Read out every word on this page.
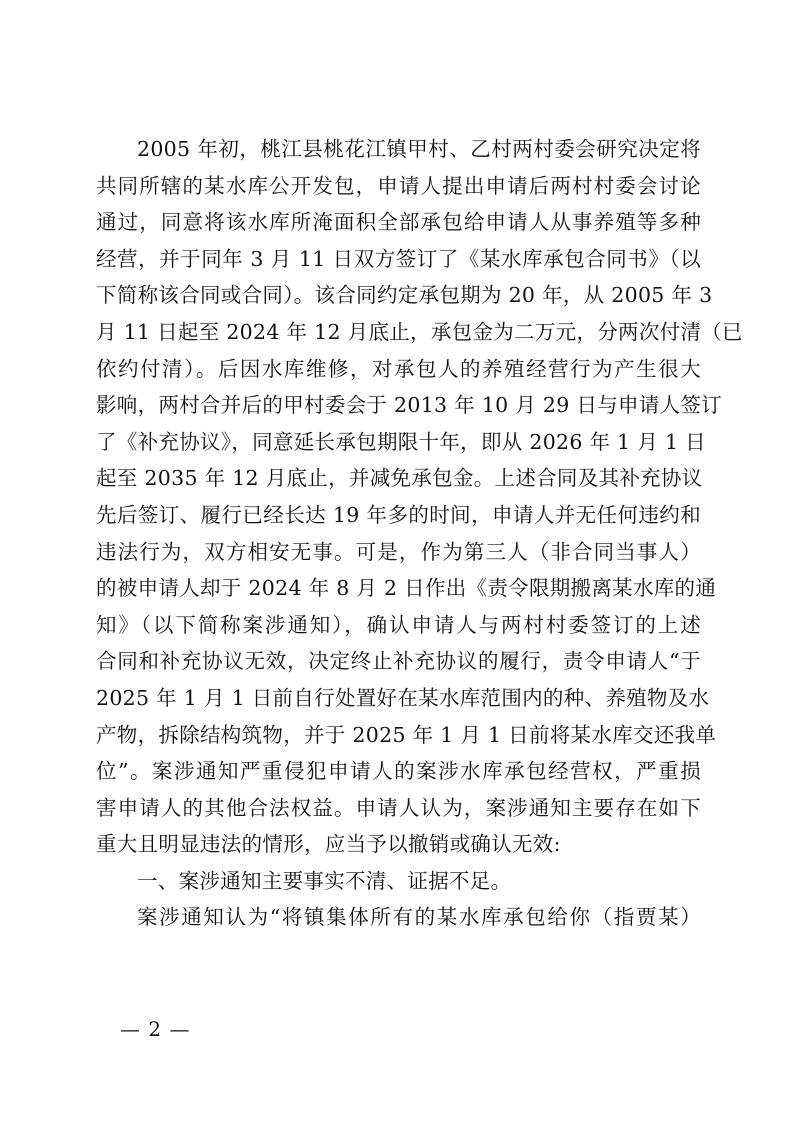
2005 年初，桃江县桃花江镇甲村、乙村两村委会研究决定将
共同所辖的某水库公开发包，申请人提出申请后两村村委会讨论
通过，同意将该水库所淹面积全部承包给申请人从事养殖等多种
经营，并于同年 3 月 11 日双方签订了《某水库承包合同书》（以
下简称该合同或合同）。该合同约定承包期为 20 年，从 2005 年 3
月 11 日起至 2024 年 12 月底止，承包金为二万元，分两次付清（已
依约付清）。后因水库维修，对承包人的养殖经营行为产生很大
影响，两村合并后的甲村委会于 2013 年 10 月 29 日与申请人签订
了《补充协议》，同意延长承包期限十年，即从 2026 年 1 月 1 日
起至 2035 年 12 月底止，并减免承包金。上述合同及其补充协议
先后签订、履行已经长达 19 年多的时间，申请人并无任何违约和
违法行为，双方相安无事。可是，作为第三人（非合同当事人）
的被申请人却于 2024 年 8 月 2 日作出《责令限期搬离某水库的通
知》（以下简称案涉通知），确认申请人与两村村委签订的上述
合同和补充协议无效，决定终止补充协议的履行，责令申请人“于
2025 年 1 月 1 日前自行处置好在某水库范围内的种、养殖物及水
产物，拆除结构筑物，并于 2025 年 1 月 1 日前将某水库交还我单
位”。案涉通知严重侵犯申请人的案涉水库承包经营权，严重损
害申请人的其他合法权益。申请人认为，案涉通知主要存在如下
重大且明显违法的情形，应当予以撤销或确认无效:
一、案涉通知主要事实不清、证据不足。
案涉通知认为“将镇集体所有的某水库承包给你（指贾某）
— 2 —
